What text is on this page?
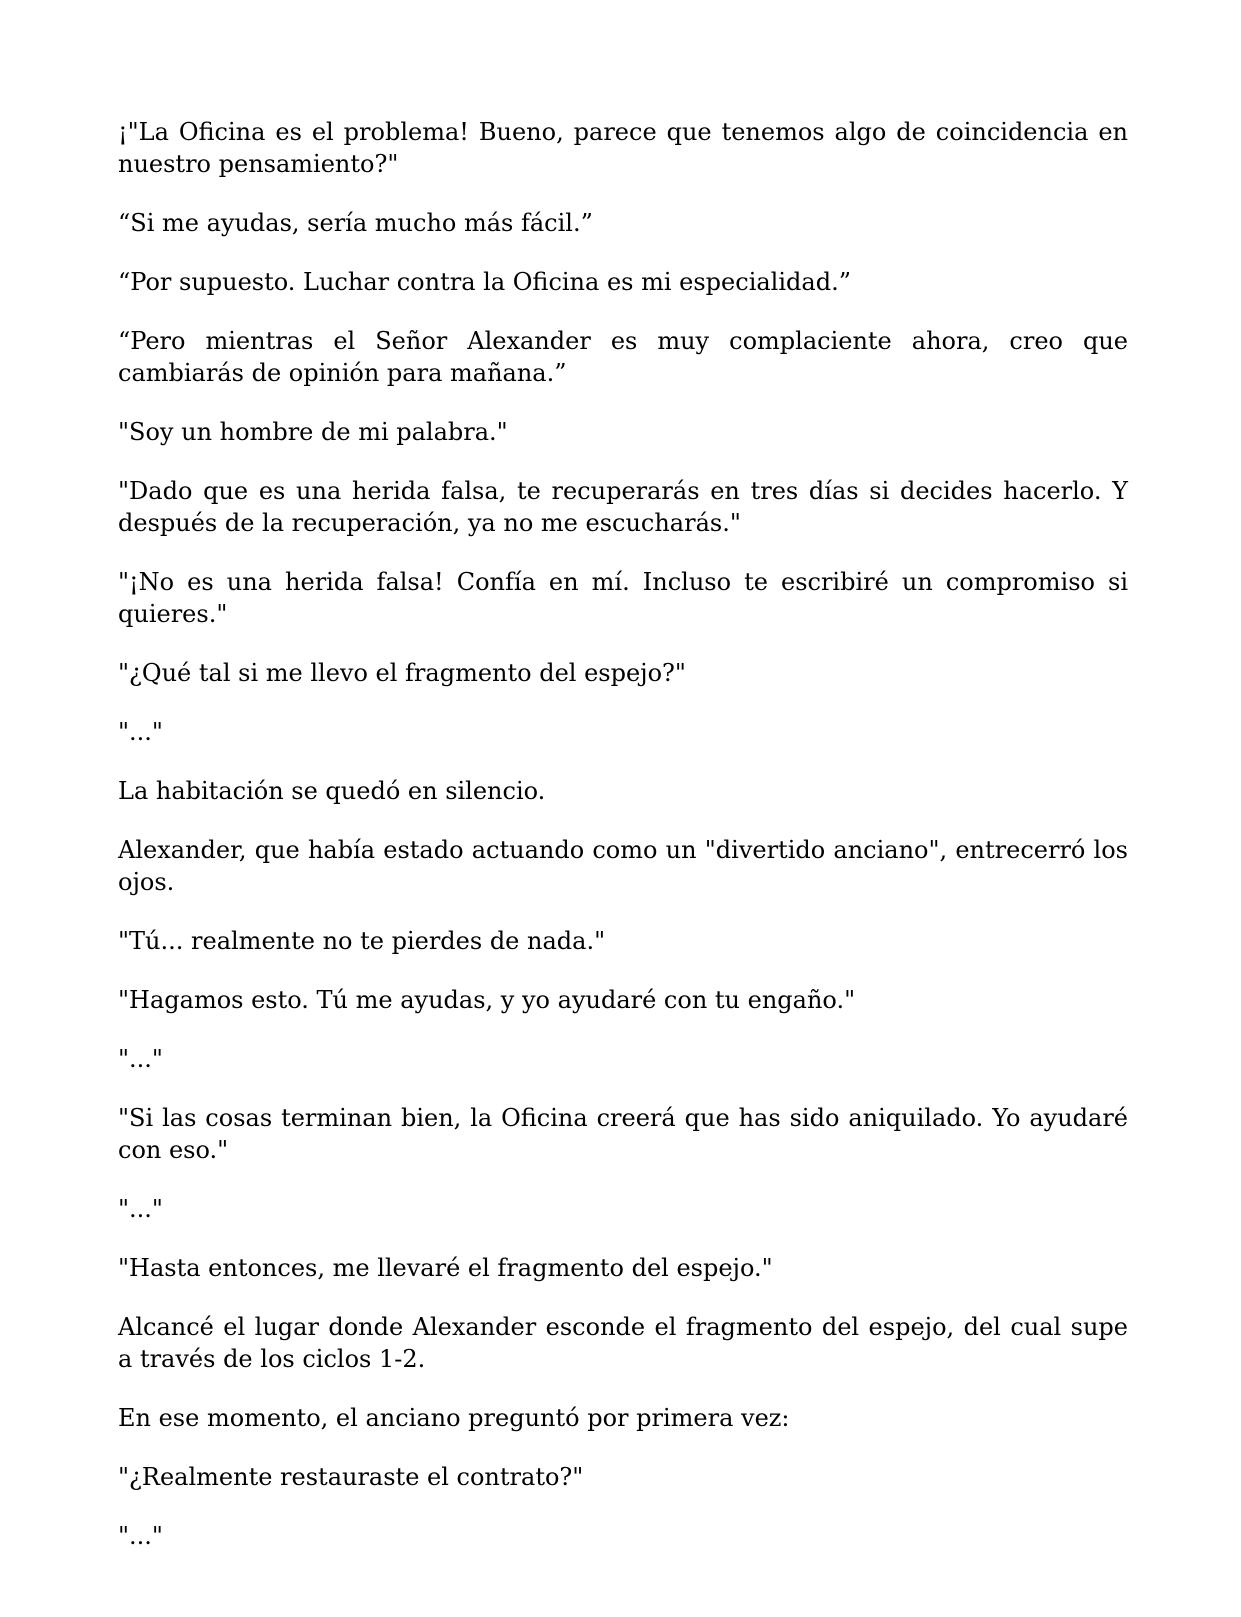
¡"La Oficina es el problema! Bueno, parece que tenemos algo de coincidencia en nuestro pensamiento?"

“Si me ayudas, sería mucho más fácil.”

“Por supuesto. Luchar contra la Oficina es mi especialidad.”

“Pero mientras el Señor Alexander es muy complaciente ahora, creo que cambiarás de opinión para mañana.”

"Soy un hombre de mi palabra."

"Dado que es una herida falsa, te recuperarás en tres días si decides hacerlo. Y después de la recuperación, ya no me escucharás."

"¡No es una herida falsa! Confía en mí. Incluso te escribiré un compromiso si quieres."

"¿Qué tal si me llevo el fragmento del espejo?"

"..."

La habitación se quedó en silencio.

Alexander, que había estado actuando como un "divertido anciano", entrecerró los ojos.

"Tú... realmente no te pierdes de nada."

"Hagamos esto. Tú me ayudas, y yo ayudaré con tu engaño."

"..."

"Si las cosas terminan bien, la Oficina creerá que has sido aniquilado. Yo ayudaré con eso."

"..."

"Hasta entonces, me llevaré el fragmento del espejo."

Alcancé el lugar donde Alexander esconde el fragmento del espejo, del cual supe a través de los ciclos 1-2.

En ese momento, el anciano preguntó por primera vez:

"¿Realmente restauraste el contrato?"

"..."
